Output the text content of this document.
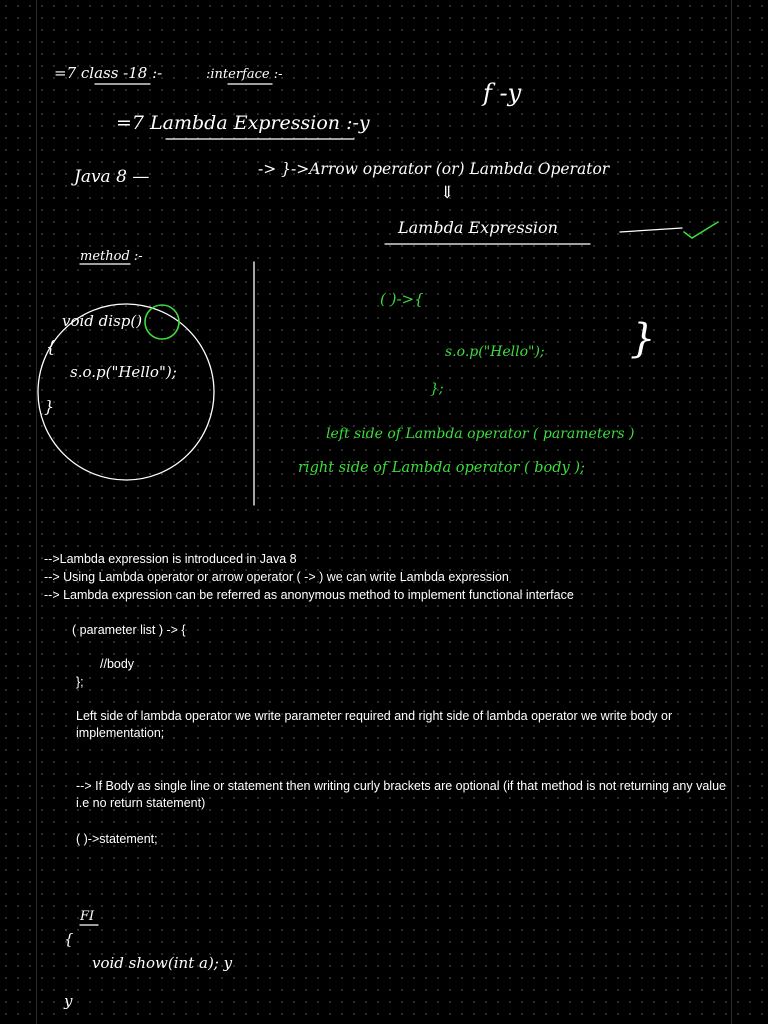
=7 class -18 :-	:interface :-
f -y
=7 Lambda Expression :-y
Java 8 —	-> }->Arrow operator (or) Lambda Operator
⇓
Lambda Expression
method :-
void disp()
{
s.o.p("Hello");
}
FI
{
void show(int a); y
y
( )->{
s.o.p("Hello");
};
left side of Lambda operator ( parameters )
right side of Lambda operator ( body );
}

-->Lambda expression is introduced in Java 8

--> Using Lambda operator or arrow operator ( -> ) we can write Lambda expression

--> Lambda expression can be referred as anonymous method to implement functional interface

( parameter list ) -> {

//body

};

Left side of lambda operator we write parameter required and right side of lambda operator we write body or implementation;

--> If Body as single line or statement then writing curly brackets are optional (if that method is not returning any value i.e no return statement)

( )->statement;
